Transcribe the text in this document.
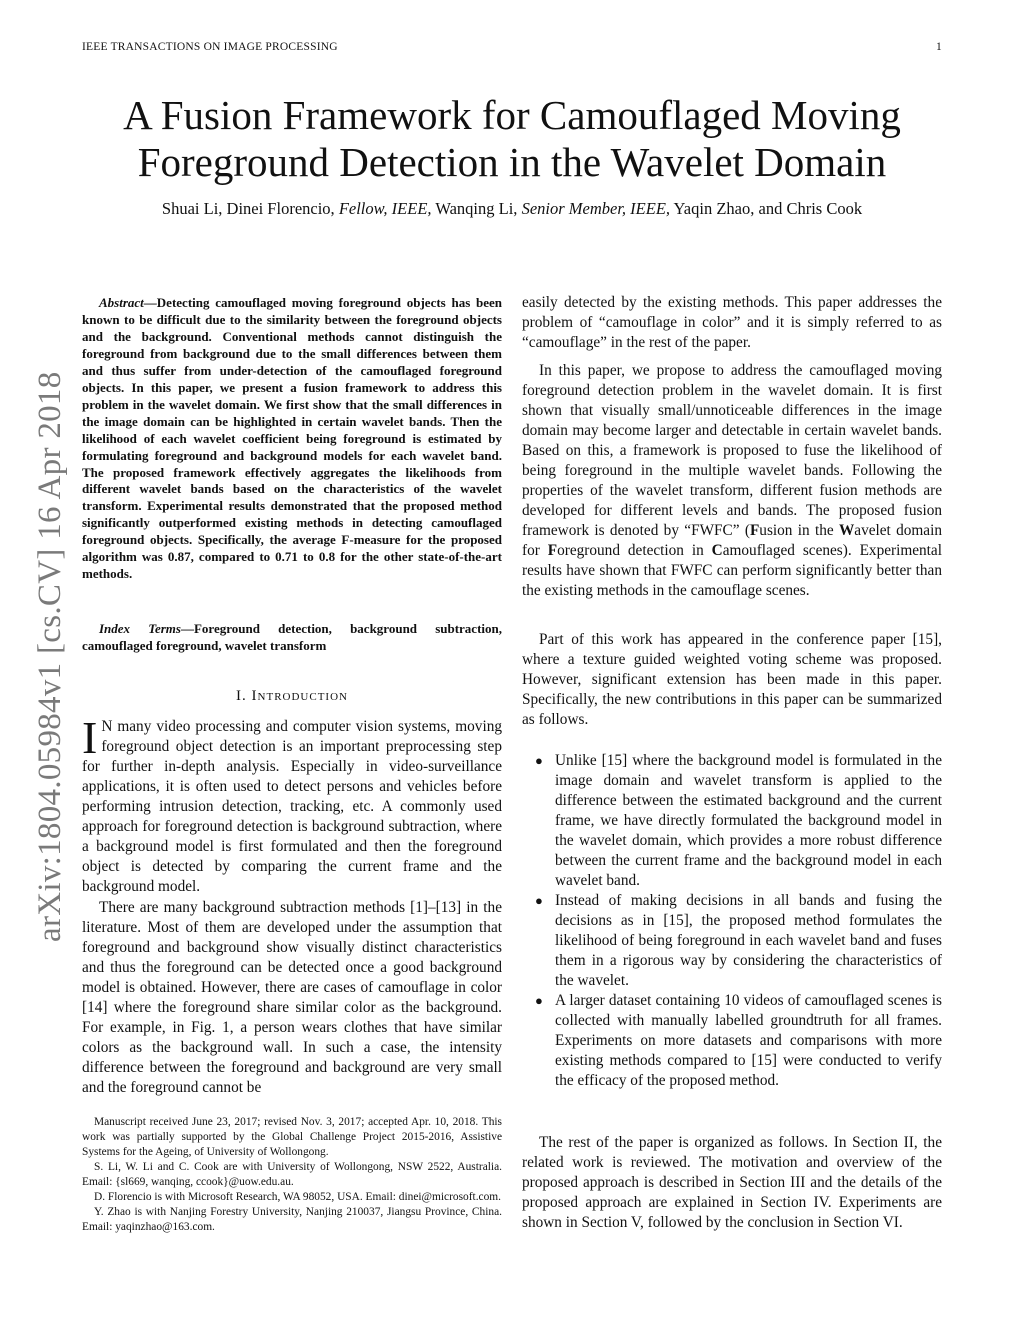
IEEE TRANSACTIONS ON IMAGE PROCESSING	1
A Fusion Framework for Camouflaged Moving
Foreground Detection in the Wavelet Domain
Shuai Li, Dinei Florencio, Fellow, IEEE, Wanqing Li, Senior Member, IEEE, Yaqin Zhao, and Chris Cook
arXiv:1804.05984v1 [cs.CV] 16 Apr 2018
Abstract—Detecting camouflaged moving foreground objects has been known to be difficult due to the similarity between the foreground objects and the background. Conventional methods cannot distinguish the foreground from background due to the small differences between them and thus suffer from under-detection of the camouflaged foreground objects. In this paper, we present a fusion framework to address this problem in the wavelet domain. We first show that the small differences in the image domain can be highlighted in certain wavelet bands. Then the likelihood of each wavelet coefficient being foreground is estimated by formulating foreground and background models for each wavelet band. The proposed framework effectively aggregates the likelihoods from different wavelet bands based on the characteristics of the wavelet transform. Experimental results demonstrated that the proposed method significantly outperformed existing methods in detecting camouflaged foreground objects. Specifically, the average F-measure for the proposed algorithm was 0.87, compared to 0.71 to 0.8 for the other state-of-the-art methods.
Index Terms—Foreground detection, background subtraction, camouflaged foreground, wavelet transform
I. Introduction
I N many video processing and computer vision systems, moving foreground object detection is an important preprocessing step for further in-depth analysis. Especially in video-surveillance applications, it is often used to detect persons and vehicles before performing intrusion detection, tracking, etc. A commonly used approach for foreground detection is background subtraction, where a background model is first formulated and then the foreground object is detected by comparing the current frame and the background model.
There are many background subtraction methods [1]–[13] in the literature. Most of them are developed under the assumption that foreground and background show visually distinct characteristics and thus the foreground can be detected once a good background model is obtained. However, there are cases of camouflage in color [14] where the foreground share similar color as the background. For example, in Fig. 1, a person wears clothes that have similar colors as the background wall. In such a case, the intensity difference between the foreground and background are very small and the foreground cannot be
easily detected by the existing methods. This paper addresses the problem of “camouflage in color” and it is simply referred to as “camouflage” in the rest of the paper.
In this paper, we propose to address the camouflaged moving foreground detection problem in the wavelet domain. It is first shown that visually small/unnoticeable differences in the image domain may become larger and detectable in certain wavelet bands. Based on this, a framework is proposed to fuse the likelihood of being foreground in the multiple wavelet bands. Following the properties of the wavelet transform, different fusion methods are developed for different levels and bands. The proposed fusion framework is denoted by “FWFC” (Fusion in the Wavelet domain for Foreground detection in Camouflaged scenes). Experimental results have shown that FWFC can perform significantly better than the existing methods in the camouflage scenes.
Part of this work has appeared in the conference paper [15], where a texture guided weighted voting scheme was proposed. However, significant extension has been made in this paper. Specifically, the new contributions in this paper can be summarized as follows.
● Unlike [15] where the background model is formulated in the image domain and wavelet transform is applied to the difference between the estimated background and the current frame, we have directly formulated the background model in the wavelet domain, which provides a more robust difference between the current frame and the background model in each wavelet band.
● Instead of making decisions in all bands and fusing the decisions as in [15], the proposed method formulates the likelihood of being foreground in each wavelet band and fuses them in a rigorous way by considering the characteristics of the wavelet.
● A larger dataset containing 10 videos of camouflaged scenes is collected with manually labelled groundtruth for all frames. Experiments on more datasets and comparisons with more existing methods compared to [15] were conducted to verify the efficacy of the proposed method.
The rest of the paper is organized as follows. In Section II, the related work is reviewed. The motivation and overview of the proposed approach is described in Section III and the details of the proposed approach are explained in Section IV. Experiments are shown in Section V, followed by the conclusion in Section VI.
Manuscript received June 23, 2017; revised Nov. 3, 2017; accepted Apr. 10, 2018. This work was partially supported by the Global Challenge Project 2015-2016, Assistive Systems for the Ageing, of University of Wollongong.
S. Li, W. Li and C. Cook are with University of Wollongong, NSW 2522, Australia. Email: {sl669, wanqing, ccook}@uow.edu.au.
D. Florencio is with Microsoft Research, WA 98052, USA. Email: dinei@microsoft.com.
Y. Zhao is with Nanjing Forestry University, Nanjing 210037, Jiangsu Province, China. Email: yaqinzhao@163.com.
